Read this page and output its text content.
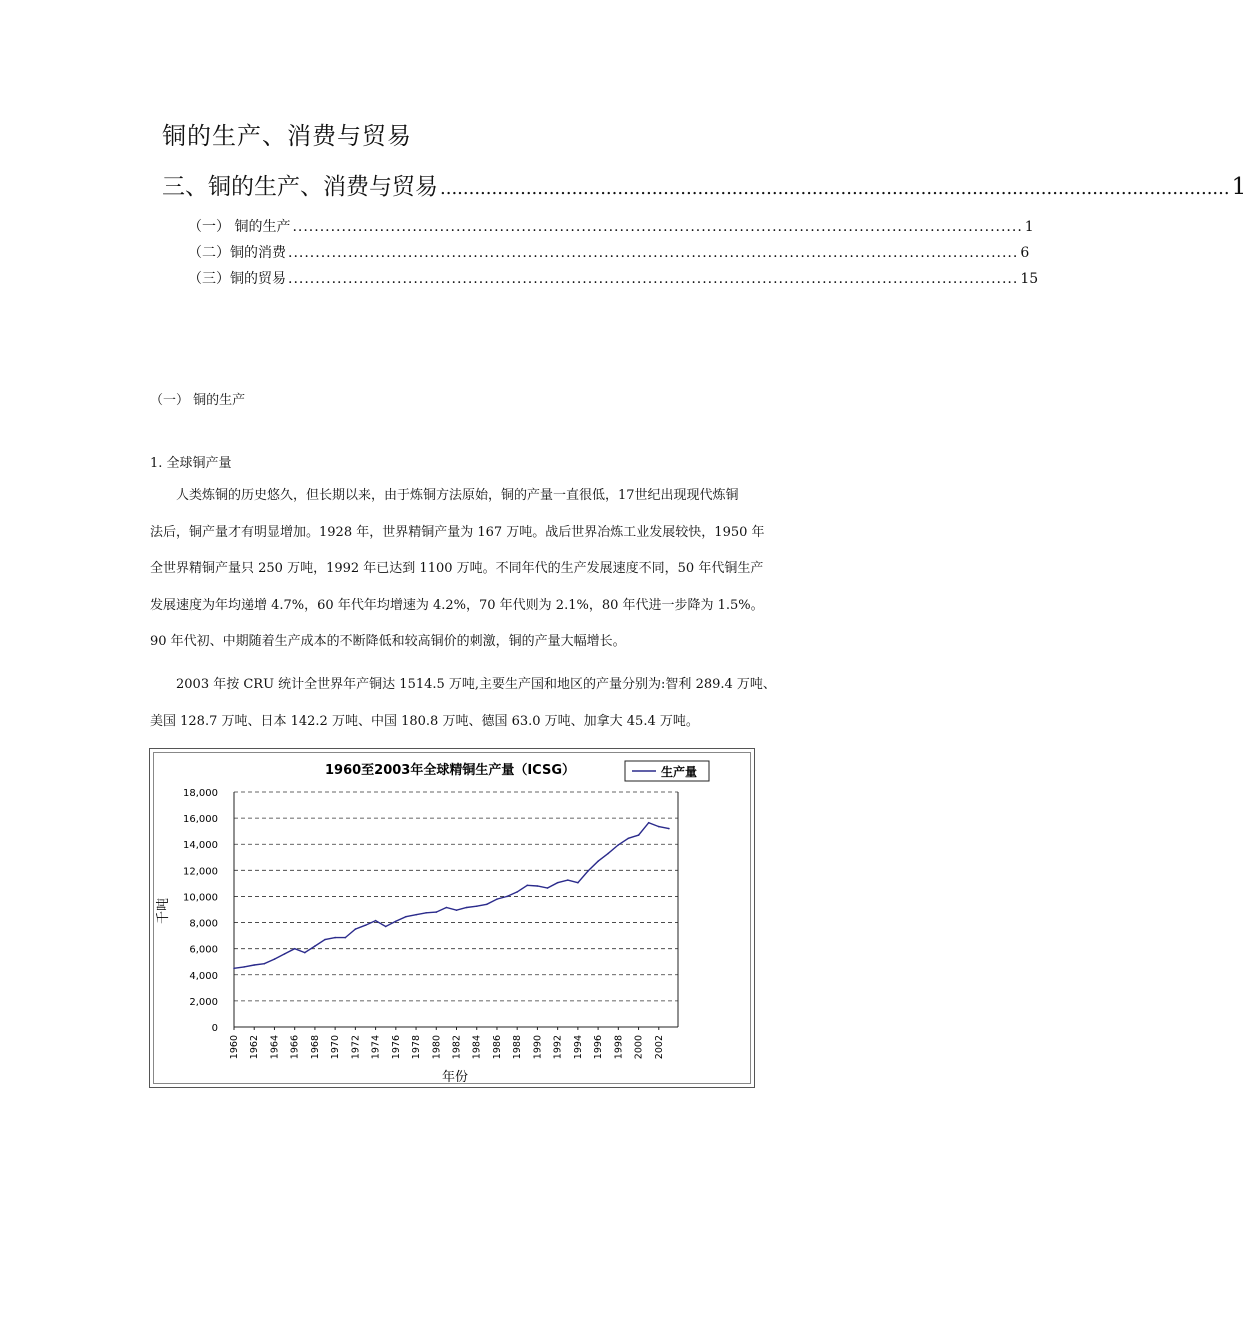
铜的生产、消费与贸易
三、铜的生产、消费与贸易 .......................................................................................................................................... 1
（一） 铜的生产 ...................................................................................................................................... 1
（二）铜的消费 ...................................................................................................................................... 6
（三）铜的贸易 ...................................................................................................................................... 15
（一） 铜的生产
1. 全球铜产量

人类炼铜的历史悠久，但长期以来，由于炼铜方法原始，铜的产量一直很低，17世纪出现现代炼铜

法后，铜产量才有明显增加。1928 年，世界精铜产量为 167 万吨。战后世界冶炼工业发展较快，1950 年

全世界精铜产量只 250 万吨，1992 年已达到 1100 万吨。不同年代的生产发展速度不同，50 年代铜生产

发展速度为年均递增 4.7%，60 年代年均增速为 4.2%，70 年代则为 2.1%，80 年代进一步降为 1.5%。

90 年代初、中期随着生产成本的不断降低和较高铜价的刺激，铜的产量大幅增长。

2003 年按 CRU 统计全世界年产铜达 1514.5 万吨,主要生产国和地区的产量分别为:智利 289.4 万吨、

美国 128.7 万吨、日本 142.2 万吨、中国 180.8 万吨、德国 63.0 万吨、加拿大 45.4 万吨。

1960至2003年全球精铜生产量（ICSG）	生产量
0
2,000
4,000
6,000
8,000
10,000
12,000
14,000
16,000
18,000
1960 1962 1964 1966 1968 1970 1972 1974 1976 1978 1980 1982 1984 1986 1988 1990 1992 1994 1996 1998 2000 2002
年份
千吨
